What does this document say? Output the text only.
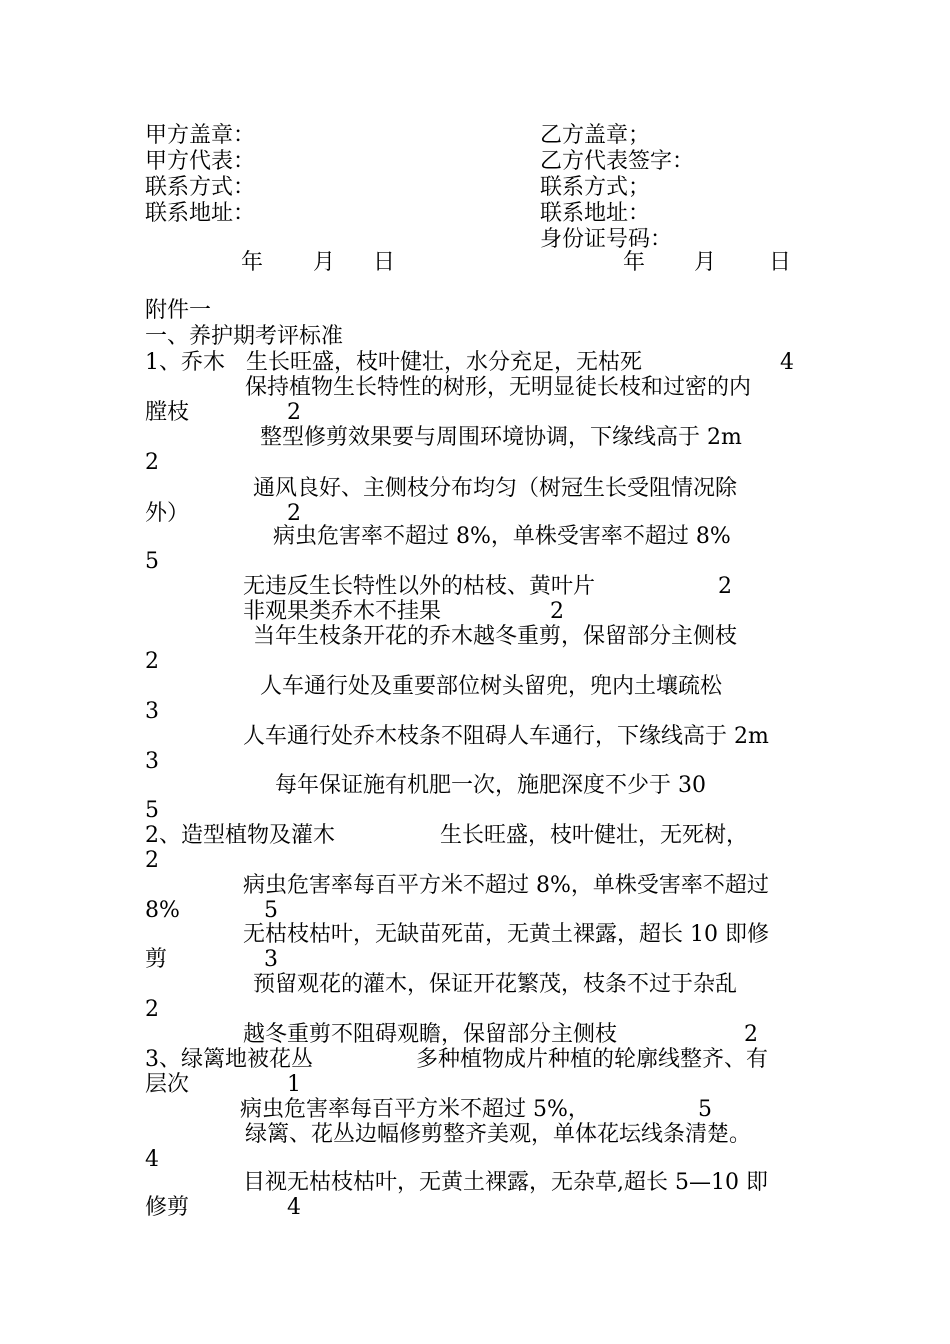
甲方盖章：	乙方盖章；
甲方代表：	乙方代表签字：
联系方式：	联系方式；
联系地址：	联系地址：
身份证号码：
年 月 日	年 月 日
附件一
一、养护期考评标准
1、乔木   生长旺盛，枝叶健壮，水分充足，无枯死	4
保持植物生长特性的树形，无明显徒长枝和过密的内
膛枝	2
整型修剪效果要与周围环境协调，下缘线高于 2m
2
通风良好、主侧枝分布均匀（树冠生长受阻情况除
外）	2
病虫危害率不超过 8%，单株受害率不超过 8%
5
无违反生长特性以外的枯枝、黄叶片	2
非观果类乔木不挂果	2
当年生枝条开花的乔木越冬重剪，保留部分主侧枝
2
人车通行处及重要部位树头留兜，兜内土壤疏松
3
人车通行处乔木枝条不阻碍人车通行，下缘线高于 2m
3
每年保证施有机肥一次，施肥深度不少于 30
5
2、造型植物及灌木	生长旺盛，枝叶健壮，无死树，
2
病虫危害率每百平方米不超过 8%，单株受害率不超过
8%	5
无枯枝枯叶，无缺苗死苗，无黄土裸露，超长 10 即修
剪	3
预留观花的灌木，保证开花繁茂，枝条不过于杂乱
2
越冬重剪不阻碍观瞻，保留部分主侧枝	2
3、绿篱地被花丛	多种植物成片种植的轮廓线整齐、有
层次	1
病虫危害率每百平方米不超过 5%，	5
绿篱、花丛边幅修剪整齐美观，单体花坛线条清楚。
4
目视无枯枝枯叶，无黄土裸露，无杂草,超长 5—10 即
修剪	4
